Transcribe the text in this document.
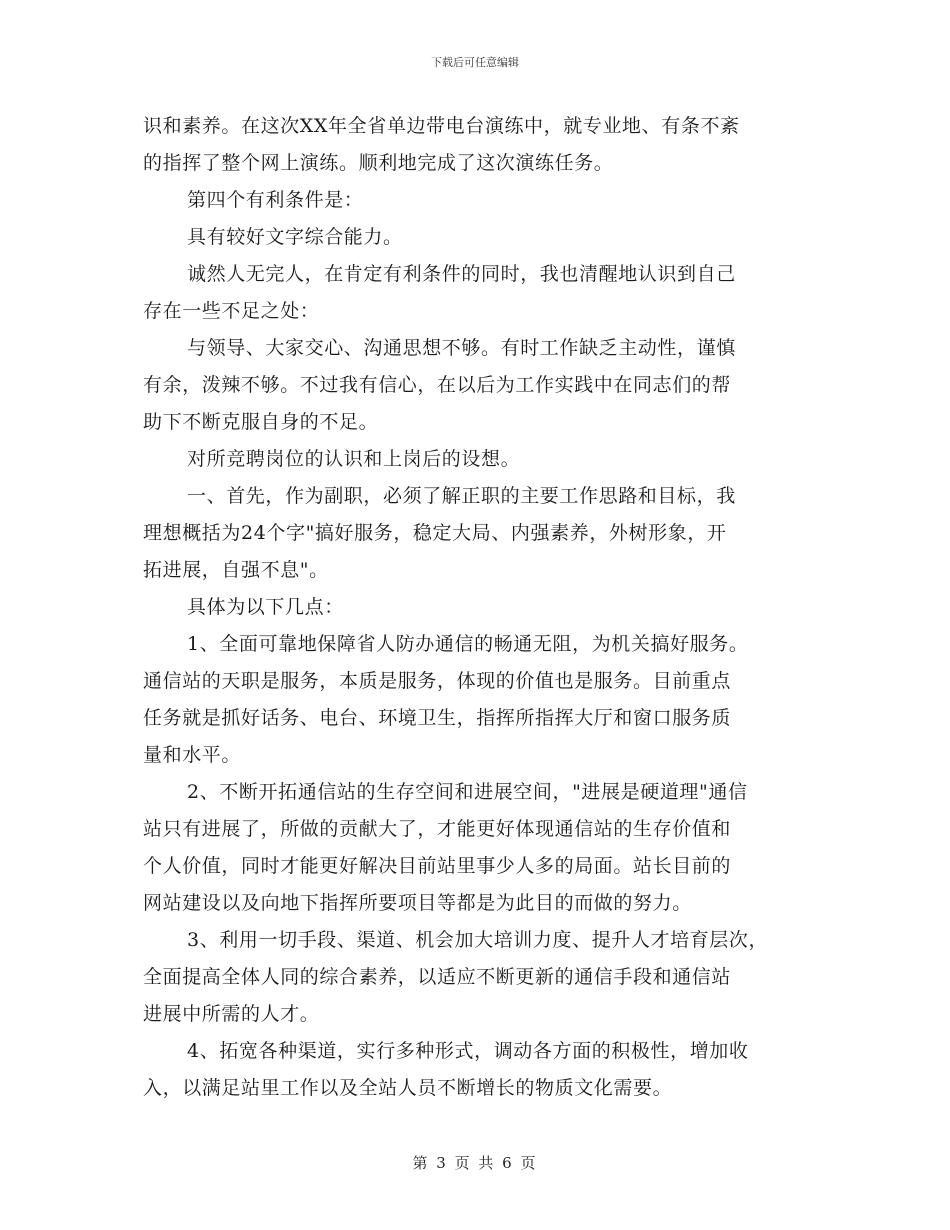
下载后可任意编辑
识和素养。在这次XX年全省单边带电台演练中，就专业地、有条不紊
的指挥了整个网上演练。顺利地完成了这次演练任务。
第四个有利条件是：
具有较好文字综合能力。
诚然人无完人，在肯定有利条件的同时，我也清醒地认识到自己
存在一些不足之处：
与领导、大家交心、沟通思想不够。有时工作缺乏主动性，谨慎
有余，泼辣不够。不过我有信心，在以后为工作实践中在同志们的帮
助下不断克服自身的不足。
对所竞聘岗位的认识和上岗后的设想。
一、首先，作为副职，必须了解正职的主要工作思路和目标，我
理想概括为24个字"搞好服务，稳定大局、内强素养，外树形象，开
拓进展，自强不息"。
具体为以下几点：
1、全面可靠地保障省人防办通信的畅通无阻，为机关搞好服务。
通信站的天职是服务，本质是服务，体现的价值也是服务。目前重点
任务就是抓好话务、电台、环境卫生，指挥所指挥大厅和窗口服务质
量和水平。
2、不断开拓通信站的生存空间和进展空间，"进展是硬道理"通信
站只有进展了，所做的贡献大了，才能更好体现通信站的生存价值和
个人价值，同时才能更好解决目前站里事少人多的局面。站长目前的
网站建设以及向地下指挥所要项目等都是为此目的而做的努力。
3、利用一切手段、渠道、机会加大培训力度、提升人才培育层次，
全面提高全体人同的综合素养，以适应不断更新的通信手段和通信站
进展中所需的人才。
4、拓宽各种渠道，实行多种形式，调动各方面的积极性，增加收
入，以满足站里工作以及全站人员不断增长的物质文化需要。
第 3 页 共 6 页
